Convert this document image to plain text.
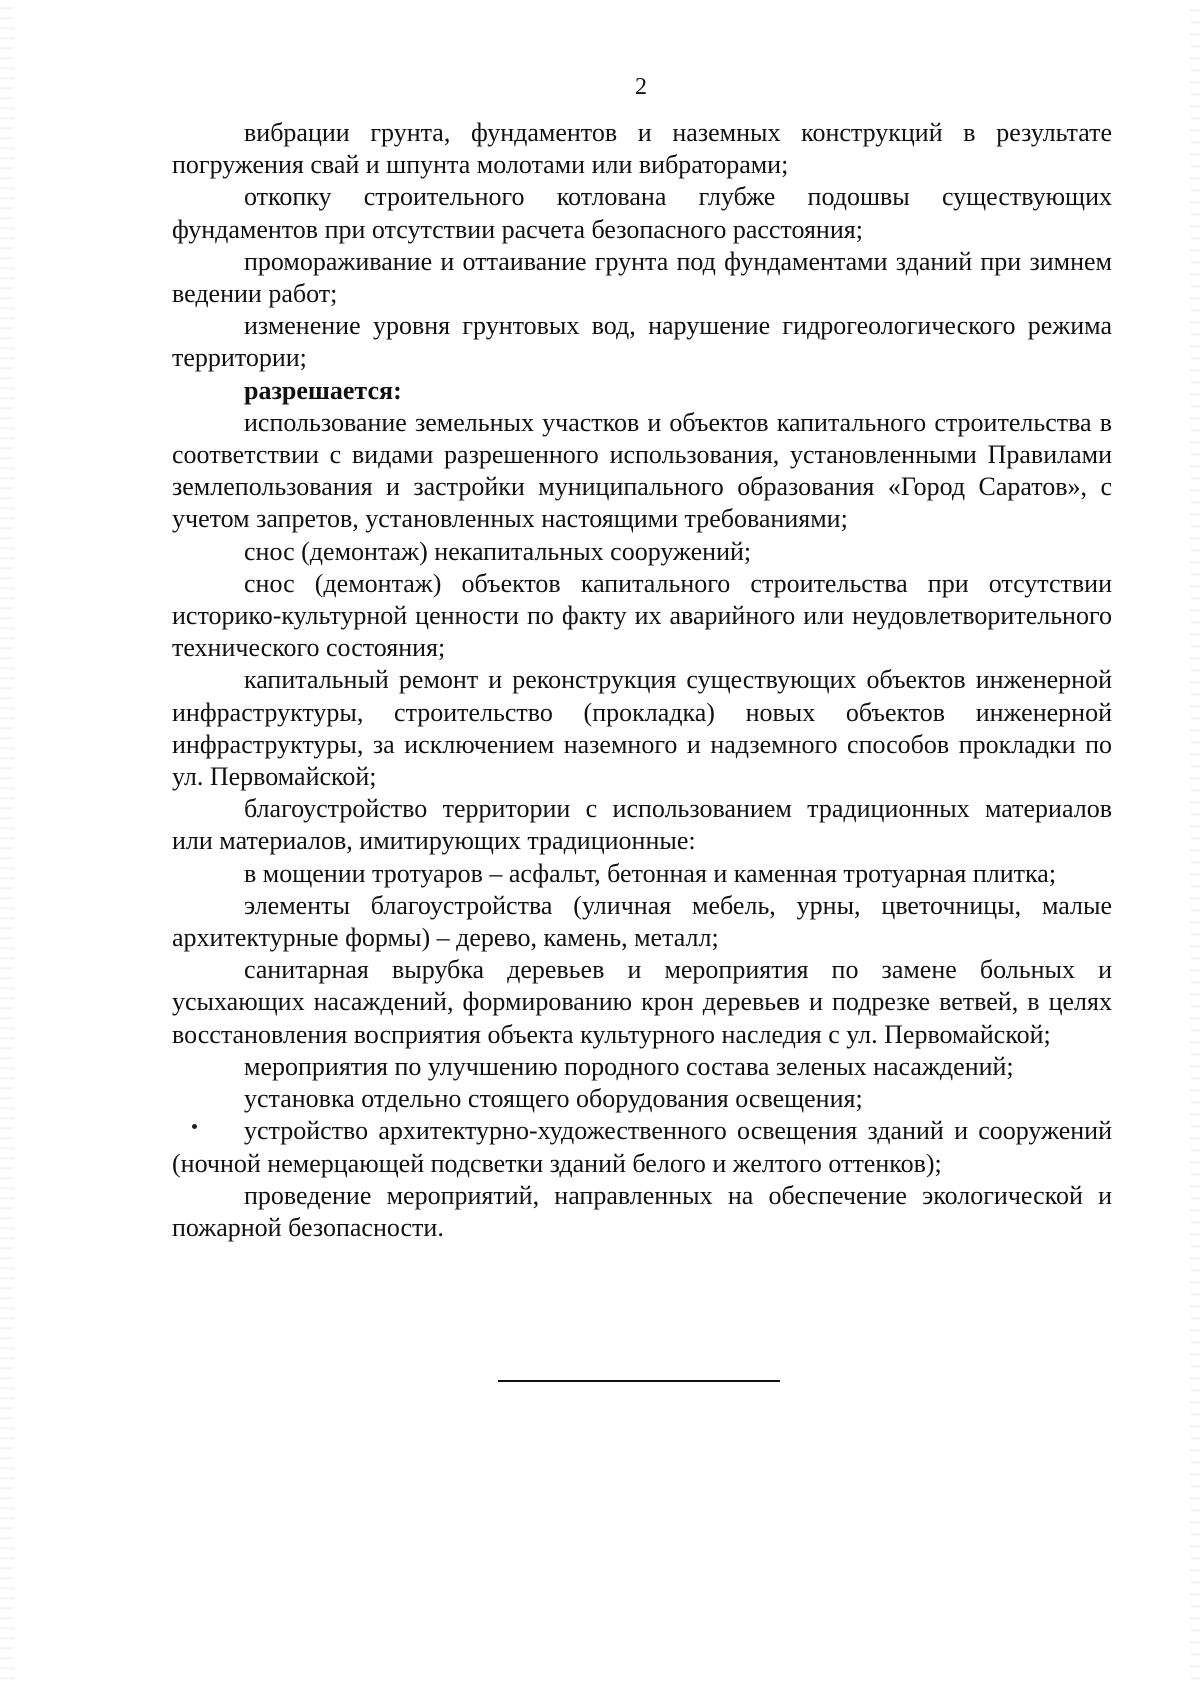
2

вибрации грунта, фундаментов и наземных конструкций в результате погружения свай и шпунта молотами или вибраторами;

откопку строительного котлована глубже подошвы существующих фундаментов при отсутствии расчета безопасного расстояния;

промораживание и оттаивание грунта под фундаментами зданий при зимнем ведении работ;

изменение уровня грунтовых вод, нарушение гидрогеологического режима территории;

разрешается:

использование земельных участков и объектов капитального строительства в соответствии с видами разрешенного использования, установленными Правилами землепользования и застройки муниципального образования «Город Саратов», с учетом запретов, установленных настоящими требованиями;

снос (демонтаж) некапитальных сооружений;

снос (демонтаж) объектов капитального строительства при отсутствии историко-культурной ценности по факту их аварийного или неудовлетворительного технического состояния;

капитальный ремонт и реконструкция существующих объектов инженерной инфраструктуры, строительство (прокладка) новых объектов инженерной инфраструктуры, за исключением наземного и надземного способов прокладки по ул. Первомайской;

благоустройство территории с использованием традиционных материалов или материалов, имитирующих традиционные:

в мощении тротуаров – асфальт, бетонная и каменная тротуарная плитка;

элементы благоустройства (уличная мебель, урны, цветочницы, малые архитектурные формы) – дерево, камень, металл;

санитарная вырубка деревьев и мероприятия по замене больных и усыхающих насаждений, формированию крон деревьев и подрезке ветвей, в целях восстановления восприятия объекта культурного наследия с ул. Первомайской;

мероприятия по улучшению породного состава зеленых насаждений;

установка отдельно стоящего оборудования освещения;

устройство архитектурно-художественного освещения зданий и сооружений (ночной немерцающей подсветки зданий белого и желтого оттенков);

проведение мероприятий, направленных на обеспечение экологической и пожарной безопасности.
